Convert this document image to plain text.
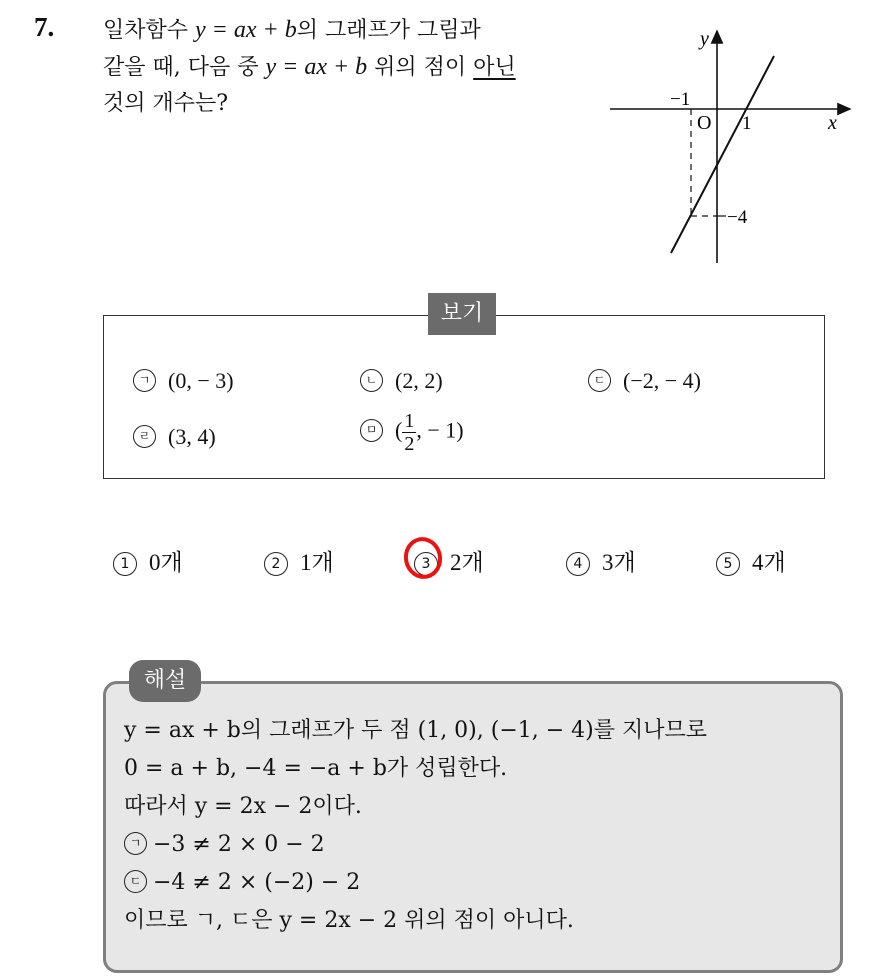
7. 일차함수 y = ax + b의 그래프가 그림과
같을 때, 다음 중 y = ax + b 위의 점이 아닌
것의 개수는?
y
x
O 1
−1
−4
보기
ㄱ (0, − 3)	ㄴ (2, 2)	ㄷ (−2, − 4)
ㄹ (3, 4)	ㅁ ( $\frac{1}{2}$ , − 1)
1 0개	2 1개	3 2개	4 3개	5 4개
해설
y = ax + b의 그래프가 두 점 (1, 0), (−1, − 4)를 지나므로
0 = a + b, −4 = −a + b가 성립한다.
따라서 y = 2x − 2이다.
ㄱ −3 ≠ 2 × 0 − 2
ㄷ −4 ≠ 2 × (−2) − 2
이므로 ㄱ, ㄷ은 y = 2x − 2 위의 점이 아니다.
